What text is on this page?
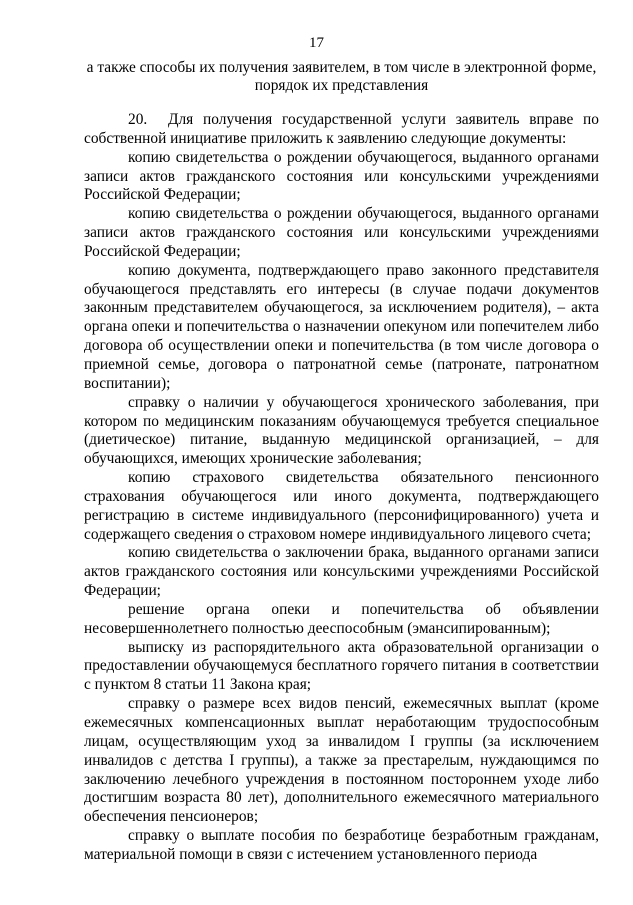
17
а также способы их получения заявителем, в том числе в электронной форме,
порядок их представления

20. Для получения государственной услуги заявитель вправе по собственной инициативе приложить к заявлению следующие документы:

копию свидетельства о рождении обучающегося, выданного органами записи актов гражданского состояния или консульскими учреждениями Российской Федерации;

копию свидетельства о рождении обучающегося, выданного органами записи актов гражданского состояния или консульскими учреждениями Российской Федерации;

копию документа, подтверждающего право законного представителя обучающегося представлять его интересы (в случае подачи документов законным представителем обучающегося, за исключением родителя), – акта органа опеки и попечительства о назначении опекуном или попечителем либо договора об осуществлении опеки и попечительства (в том числе договора о приемной семье, договора о патронатной семье (патронате, патронатном воспитании);

справку о наличии у обучающегося хронического заболевания, при котором по медицинским показаниям обучающемуся требуется специальное (диетическое) питание, выданную медицинской организацией, – для обучающихся, имеющих хронические заболевания;

копию страхового свидетельства обязательного пенсионного страхования обучающегося или иного документа, подтверждающего регистрацию в системе индивидуального (персонифицированного) учета и содержащего сведения о страховом номере индивидуального лицевого счета;

копию свидетельства о заключении брака, выданного органами записи актов гражданского состояния или консульскими учреждениями Российской Федерации;

решение органа опеки и попечительства об объявлении несовершеннолетнего полностью дееспособным (эмансипированным);

выписку из распорядительного акта образовательной организации о предоставлении обучающемуся бесплатного горячего питания в соответствии с пунктом 8 статьи 11 Закона края;

справку о размере всех видов пенсий, ежемесячных выплат (кроме ежемесячных компенсационных выплат неработающим трудоспособным лицам, осуществляющим уход за инвалидом I группы (за исключением инвалидов с детства I группы), а также за престарелым, нуждающимся по заключению лечебного учреждения в постоянном постороннем уходе либо достигшим возраста 80 лет), дополнительного ежемесячного материального обеспечения пенсионеров;

справку о выплате пособия по безработице безработным гражданам, материальной помощи в связи с истечением установленного периода
